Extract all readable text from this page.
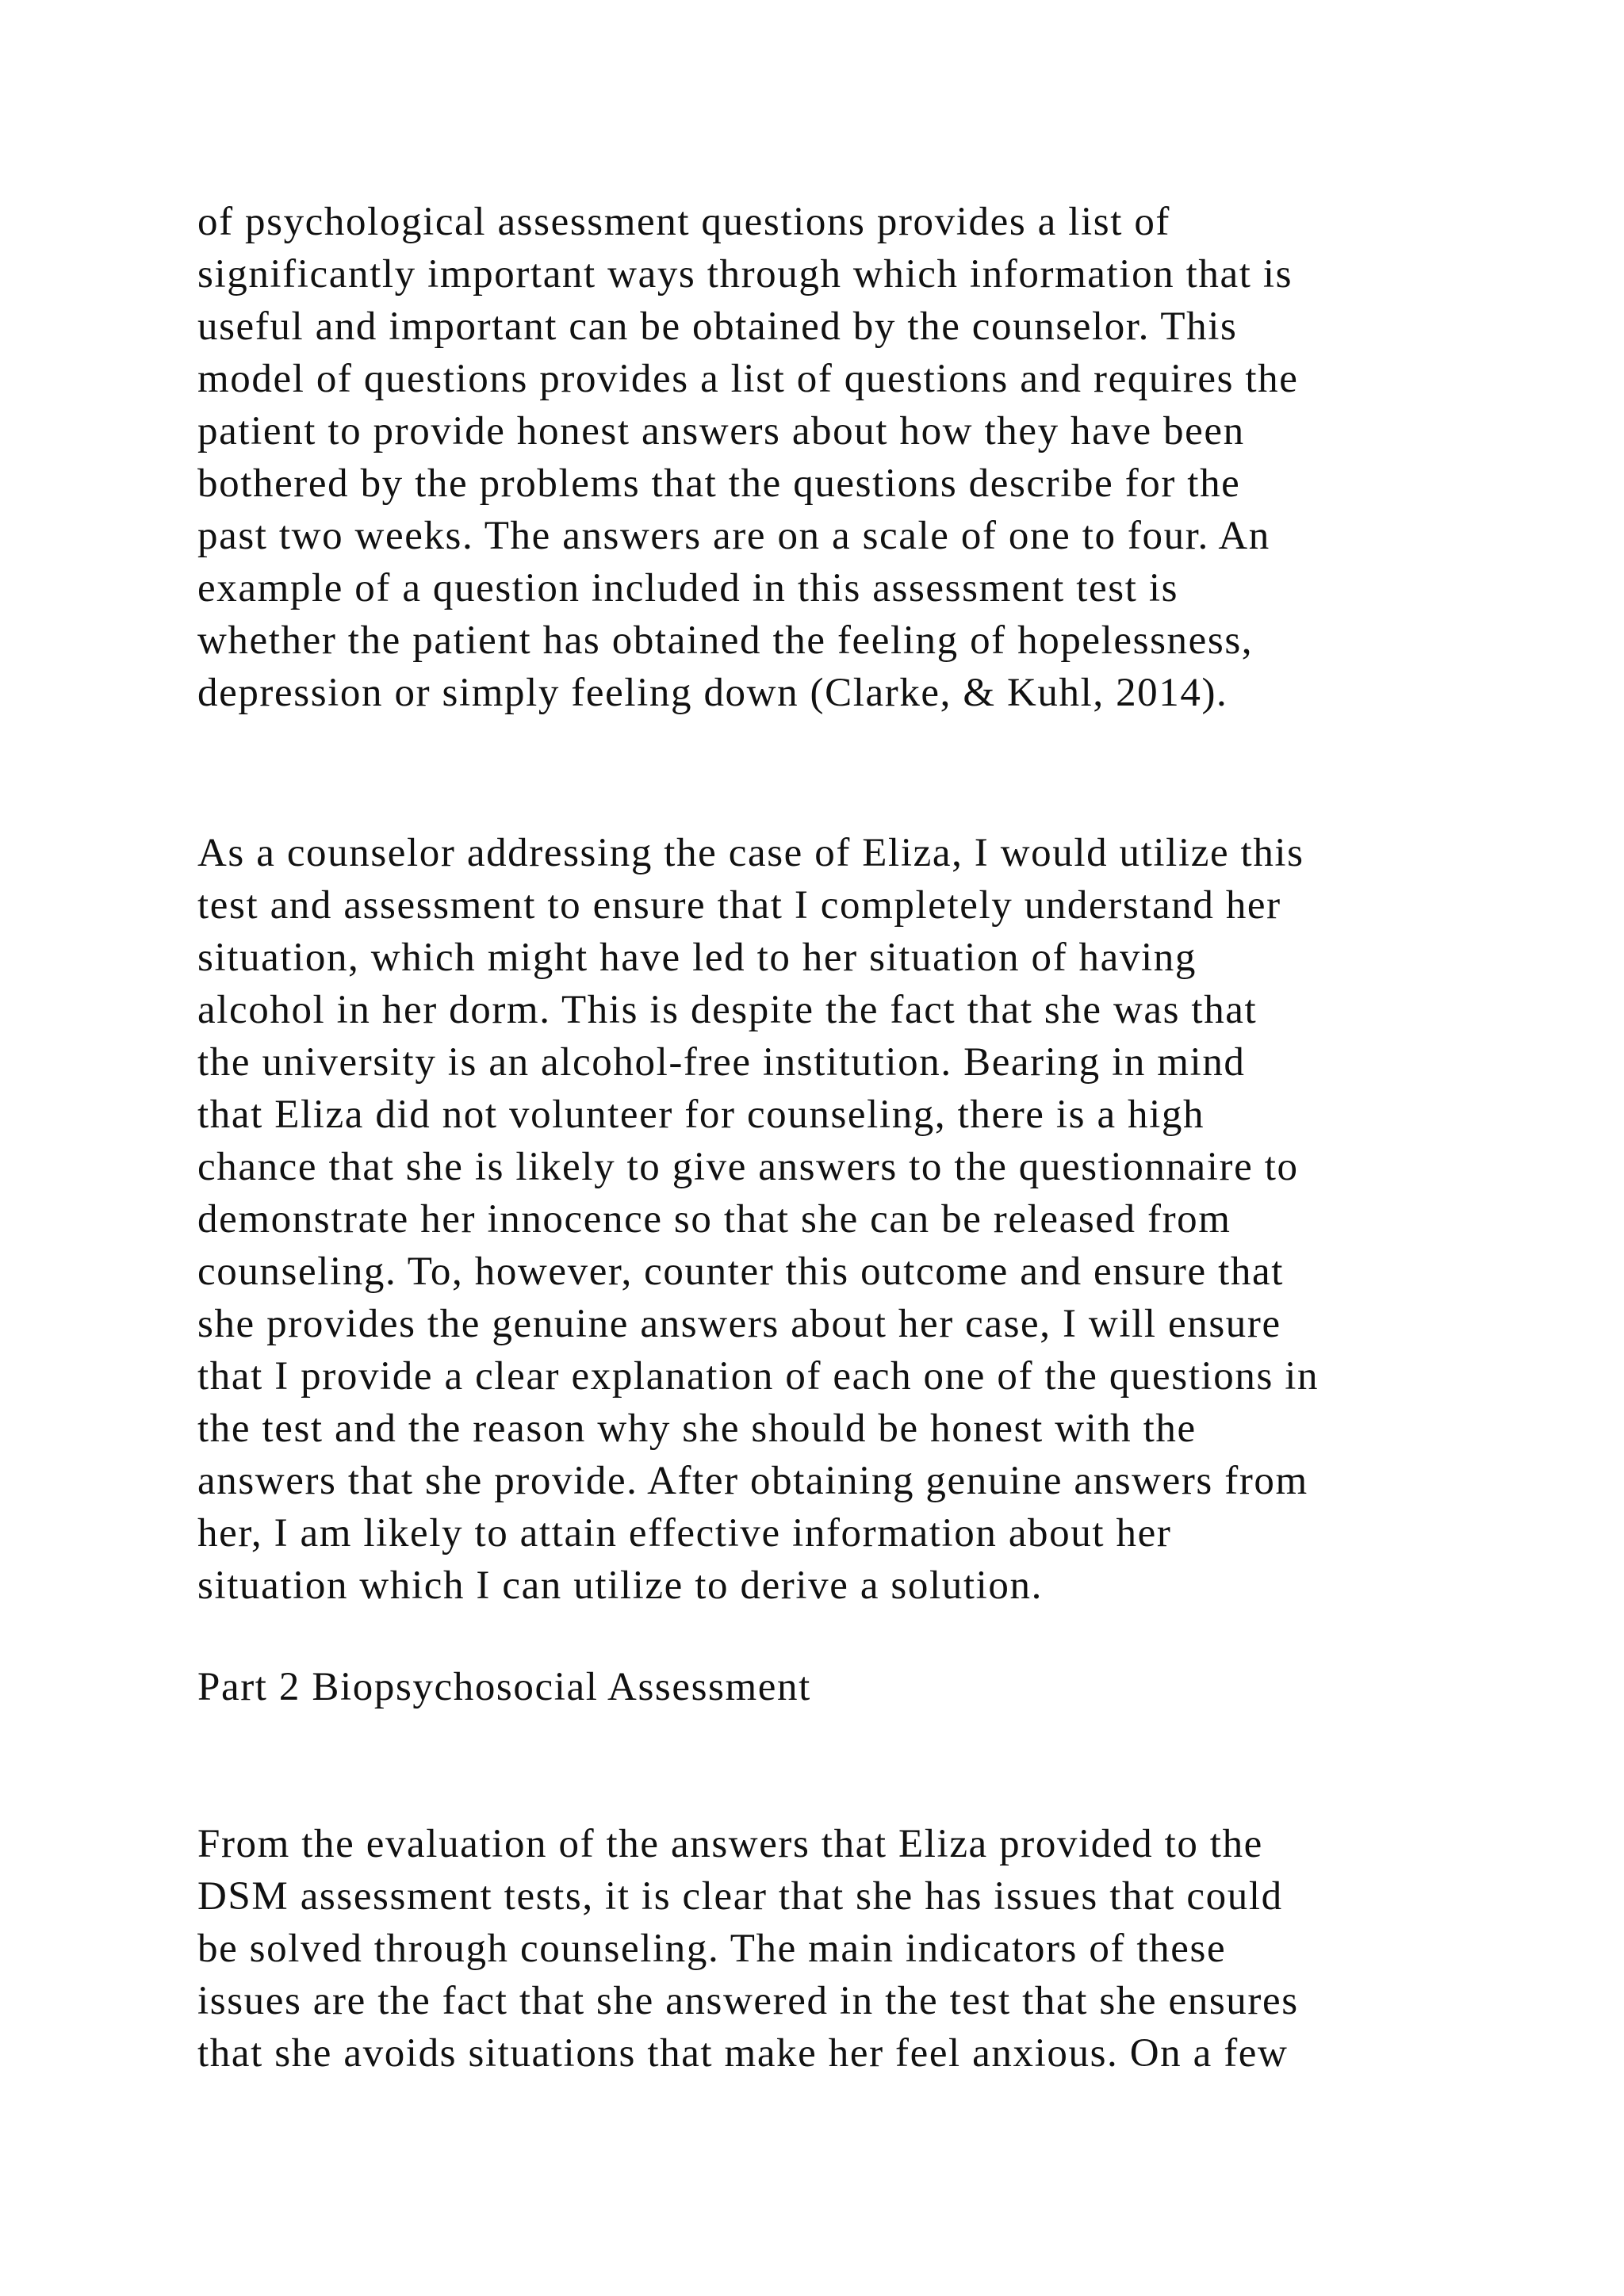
of psychological assessment questions provides a list of

significantly important ways through which information that is

useful and important can be obtained by the counselor. This

model of questions provides a list of questions and requires the

patient to provide honest answers about how they have been

bothered by the problems that the questions describe for the

past two weeks. The answers are on a scale of one to four. An

example of a question included in this assessment test is

whether the patient has obtained the feeling of hopelessness,

depression or simply feeling down (Clarke, & Kuhl, 2014).

As a counselor addressing the case of Eliza, I would utilize this

test and assessment to ensure that I completely understand her

situation, which might have led to her situation of having

alcohol in her dorm. This is despite the fact that she was that

the university is an alcohol-free institution. Bearing in mind

that Eliza did not volunteer for counseling, there is a high

chance that she is likely to give answers to the questionnaire to

demonstrate her innocence so that she can be released from

counseling. To, however, counter this outcome and ensure that

she provides the genuine answers about her case, I will ensure

that I provide a clear explanation of each one of the questions in

the test and the reason why she should be honest with the

answers that she provide. After obtaining genuine answers from

her, I am likely to attain effective information about her

situation which I can utilize to derive a solution.

Part 2 Biopsychosocial Assessment

From the evaluation of the answers that Eliza provided to the

DSM assessment tests, it is clear that she has issues that could

be solved through counseling. The main indicators of these

issues are the fact that she answered in the test that she ensures

that she avoids situations that make her feel anxious. On a few
